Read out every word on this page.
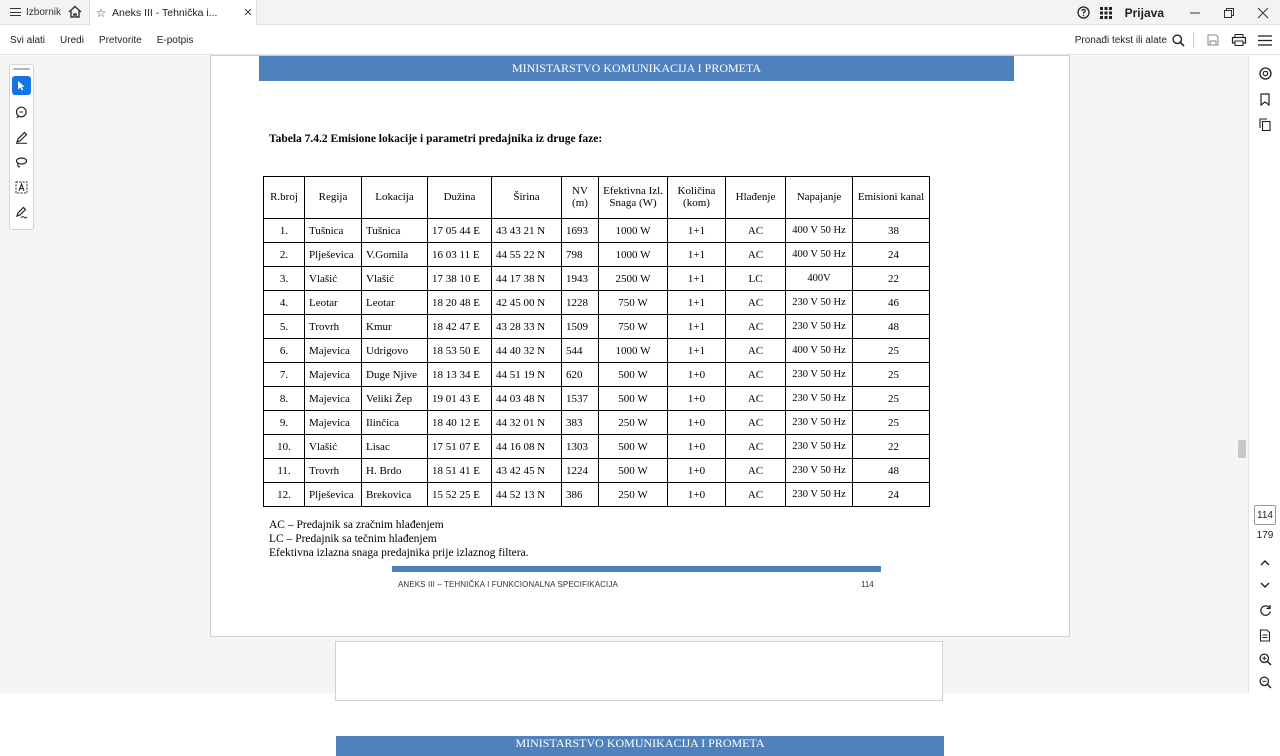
Izbornik	☆ Aneks III - Tehnička i...	✕	Prijava
Svi alati Uredi Pretvorite E-potpis	Pronađi tekst ili alate
MINISTARSTVO KOMUNIKACIJA I PROMETA
Tabela 7.4.2 Emisione lokacije i parametri predajnika iz druge faze:
R.broj	Regija	Lokacija	Dužina	Širina	NV (m)	Efektivna Izl. Snaga (W)	Količina (kom)	Hlađenje	Napajanje	Emisioni kanal
1.	Tušnica	Tušnica	17 05 44 E	43 43 21 N	1693	1000 W	1+1	AC	400 V 50 Hz	38
2.	Plješevica	V.Gomila	16 03 11 E	44 55 22 N	798	1000 W	1+1	AC	400 V 50 Hz	24
3.	Vlašić	Vlašić	17 38 10 E	44 17 38 N	1943	2500 W	1+1	LC	400V	22
4.	Leotar	Leotar	18 20 48 E	42 45 00 N	1228	750 W	1+1	AC	230 V 50 Hz	46
5.	Trovrh	Kmur	18 42 47 E	43 28 33 N	1509	750 W	1+1	AC	230 V 50 Hz	48
6.	Majevica	Udrigovo	18 53 50 E	44 40 32 N	544	1000 W	1+1	AC	400 V 50 Hz	25
7.	Majevica	Duge Njive	18 13 34 E	44 51 19 N	620	500 W	1+0	AC	230 V 50 Hz	25
8.	Majevica	Veliki Žep	19 01 43 E	44 03 48 N	1537	500 W	1+0	AC	230 V 50 Hz	25
9.	Majevica	Ilinčica	18 40 12 E	44 32 01 N	383	250 W	1+0	AC	230 V 50 Hz	25
10.	Vlašić	Lisac	17 51 07 E	44 16 08 N	1303	500 W	1+0	AC	230 V 50 Hz	22
11.	Trovrh	H. Brdo	18 51 41 E	43 42 45 N	1224	500 W	1+0	AC	230 V 50 Hz	48
12.	Plješevica	Brekovica	15 52 25 E	44 52 13 N	386	250 W	1+0	AC	230 V 50 Hz	24
AC – Predajnik sa zračnim hlađenjem
LC – Predajnik sa tečnim hlađenjem
Efektivna izlazna snaga predajnika prije izlaznog filtera.
ANEKS III – TEHNIČKA I FUNKCIONALNA SPECIFIKACIJA	114
MINISTARSTVO KOMUNIKACIJA I PROMETA
114
179
